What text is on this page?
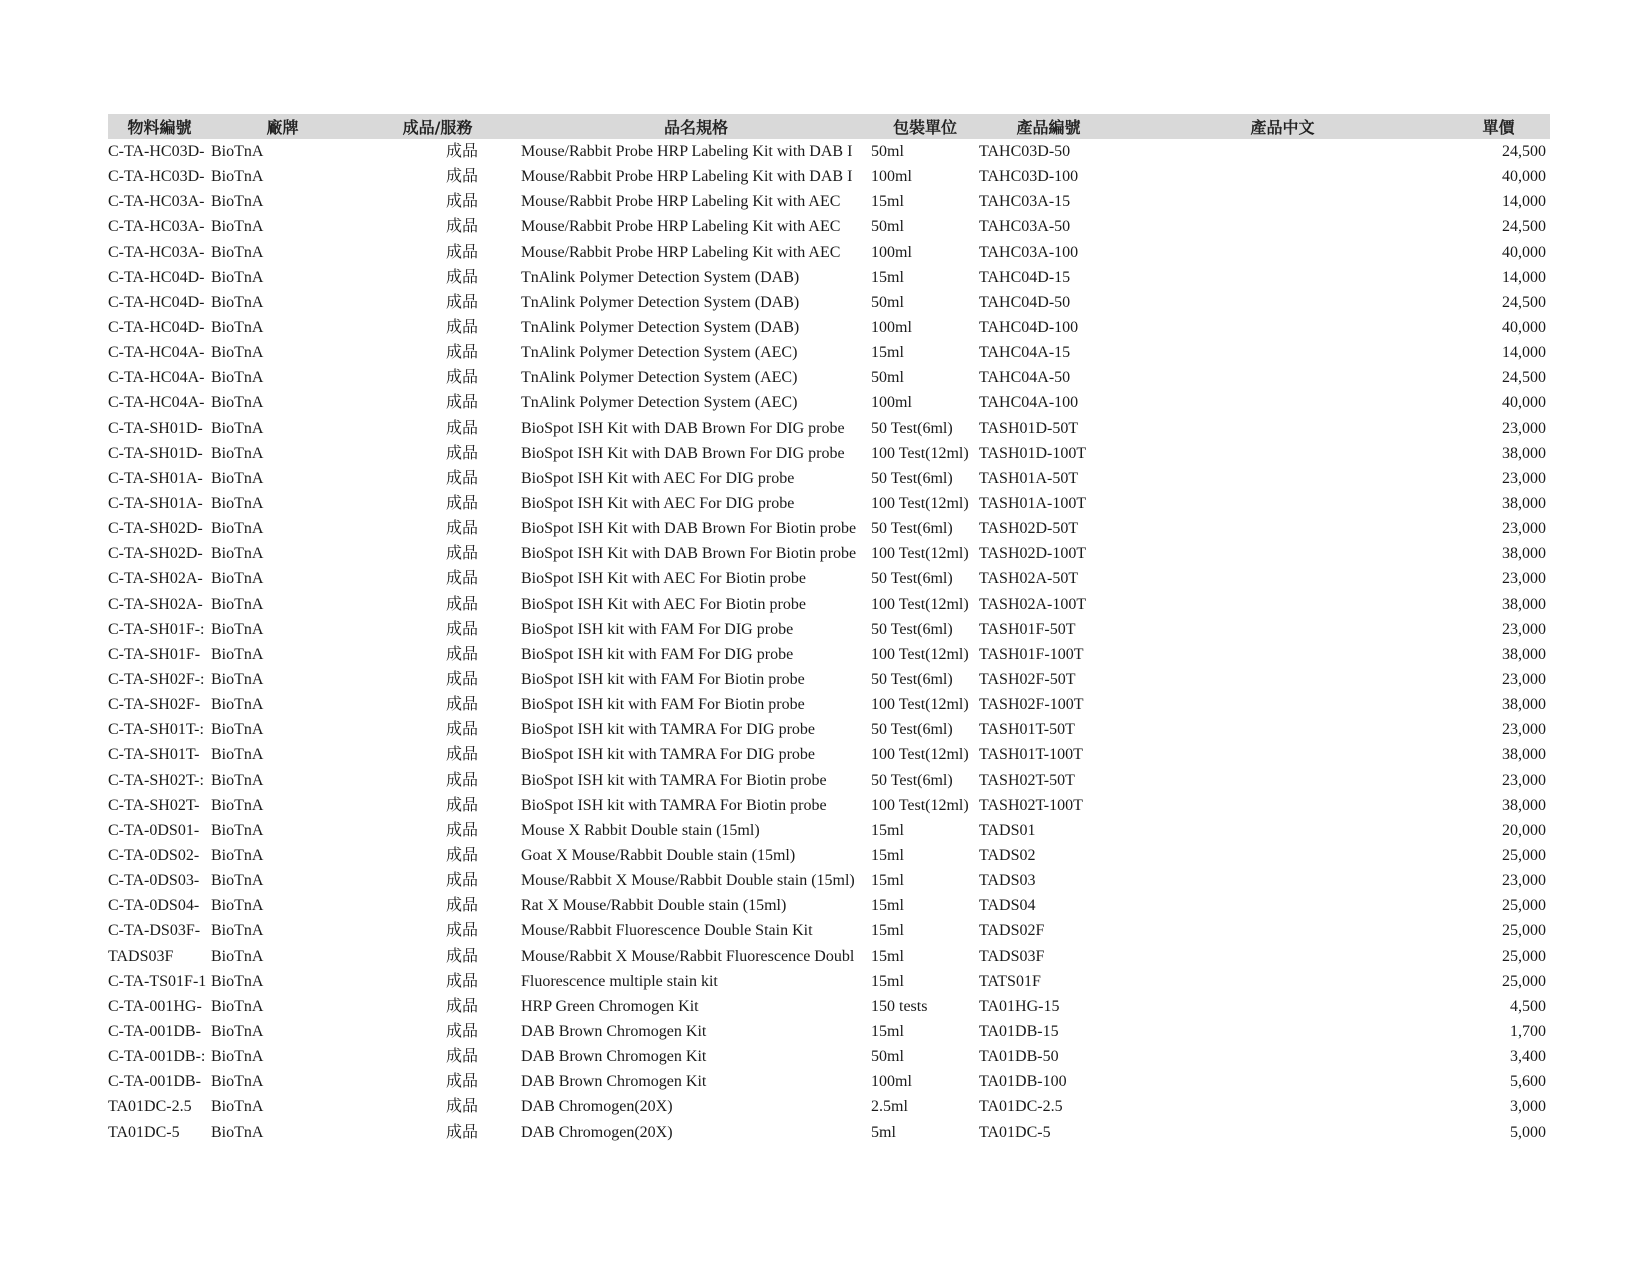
物料編號	廠牌	成品/服務	品名規格	包裝單位	產品編號	產品中文	單價
C-TA-HC03D-	BioTnA	成品	Mouse/Rabbit Probe HRP Labeling Kit with DAB I	50ml	TAHC03D-50		24,500
C-TA-HC03D-	BioTnA	成品	Mouse/Rabbit Probe HRP Labeling Kit with DAB I	100ml	TAHC03D-100		40,000
C-TA-HC03A-	BioTnA	成品	Mouse/Rabbit Probe HRP Labeling Kit with AEC	15ml	TAHC03A-15		14,000
C-TA-HC03A-	BioTnA	成品	Mouse/Rabbit Probe HRP Labeling Kit with AEC	50ml	TAHC03A-50		24,500
C-TA-HC03A-	BioTnA	成品	Mouse/Rabbit Probe HRP Labeling Kit with AEC	100ml	TAHC03A-100		40,000
C-TA-HC04D-	BioTnA	成品	TnAlink Polymer Detection System (DAB)	15ml	TAHC04D-15		14,000
C-TA-HC04D-	BioTnA	成品	TnAlink Polymer Detection System (DAB)	50ml	TAHC04D-50		24,500
C-TA-HC04D-	BioTnA	成品	TnAlink Polymer Detection System (DAB)	100ml	TAHC04D-100		40,000
C-TA-HC04A-	BioTnA	成品	TnAlink Polymer Detection System (AEC)	15ml	TAHC04A-15		14,000
C-TA-HC04A-	BioTnA	成品	TnAlink Polymer Detection System (AEC)	50ml	TAHC04A-50		24,500
C-TA-HC04A-	BioTnA	成品	TnAlink Polymer Detection System (AEC)	100ml	TAHC04A-100		40,000
C-TA-SH01D-	BioTnA	成品	BioSpot ISH Kit with DAB Brown For DIG probe	50 Test(6ml)	TASH01D-50T		23,000
C-TA-SH01D-	BioTnA	成品	BioSpot ISH Kit with DAB Brown For DIG probe	100 Test(12ml)	TASH01D-100T		38,000
C-TA-SH01A-	BioTnA	成品	BioSpot ISH Kit with AEC For DIG probe	50 Test(6ml)	TASH01A-50T		23,000
C-TA-SH01A-	BioTnA	成品	BioSpot ISH Kit with AEC For DIG probe	100 Test(12ml)	TASH01A-100T		38,000
C-TA-SH02D-	BioTnA	成品	BioSpot ISH Kit with DAB Brown For Biotin probe	50 Test(6ml)	TASH02D-50T		23,000
C-TA-SH02D-	BioTnA	成品	BioSpot ISH Kit with DAB Brown For Biotin probe	100 Test(12ml)	TASH02D-100T		38,000
C-TA-SH02A-	BioTnA	成品	BioSpot ISH Kit with AEC For Biotin probe	50 Test(6ml)	TASH02A-50T		23,000
C-TA-SH02A-	BioTnA	成品	BioSpot ISH Kit with AEC For Biotin probe	100 Test(12ml)	TASH02A-100T		38,000
C-TA-SH01F-:	BioTnA	成品	BioSpot ISH kit with FAM For DIG probe	50 Test(6ml)	TASH01F-50T		23,000
C-TA-SH01F-	BioTnA	成品	BioSpot ISH kit with FAM For DIG probe	100 Test(12ml)	TASH01F-100T		38,000
C-TA-SH02F-:	BioTnA	成品	BioSpot ISH kit with FAM For Biotin probe	50 Test(6ml)	TASH02F-50T		23,000
C-TA-SH02F-	BioTnA	成品	BioSpot ISH kit with FAM For Biotin probe	100 Test(12ml)	TASH02F-100T		38,000
C-TA-SH01T-:	BioTnA	成品	BioSpot ISH kit with TAMRA For DIG probe	50 Test(6ml)	TASH01T-50T		23,000
C-TA-SH01T-	BioTnA	成品	BioSpot ISH kit with TAMRA For DIG probe	100 Test(12ml)	TASH01T-100T		38,000
C-TA-SH02T-:	BioTnA	成品	BioSpot ISH kit with TAMRA For Biotin probe	50 Test(6ml)	TASH02T-50T		23,000
C-TA-SH02T-	BioTnA	成品	BioSpot ISH kit with TAMRA For Biotin probe	100 Test(12ml)	TASH02T-100T		38,000
C-TA-0DS01-	BioTnA	成品	Mouse X Rabbit Double stain (15ml)	15ml	TADS01		20,000
C-TA-0DS02-	BioTnA	成品	Goat X Mouse/Rabbit Double stain (15ml)	15ml	TADS02		25,000
C-TA-0DS03-	BioTnA	成品	Mouse/Rabbit X Mouse/Rabbit Double stain (15ml)	15ml	TADS03		23,000
C-TA-0DS04-	BioTnA	成品	Rat X Mouse/Rabbit Double stain (15ml)	15ml	TADS04		25,000
C-TA-DS03F-	BioTnA	成品	Mouse/Rabbit Fluorescence Double Stain Kit	15ml	TADS02F		25,000
TADS03F	BioTnA	成品	Mouse/Rabbit X Mouse/Rabbit Fluorescence Doubl	15ml	TADS03F		25,000
C-TA-TS01F-1	BioTnA	成品	Fluorescence multiple stain kit	15ml	TATS01F		25,000
C-TA-001HG-	BioTnA	成品	HRP Green Chromogen Kit	150 tests	TA01HG-15		4,500
C-TA-001DB-	BioTnA	成品	DAB Brown Chromogen Kit	15ml	TA01DB-15		1,700
C-TA-001DB-:	BioTnA	成品	DAB Brown Chromogen Kit	50ml	TA01DB-50		3,400
C-TA-001DB-	BioTnA	成品	DAB Brown Chromogen Kit	100ml	TA01DB-100		5,600
TA01DC-2.5	BioTnA	成品	DAB Chromogen(20X)	2.5ml	TA01DC-2.5		3,000
TA01DC-5	BioTnA	成品	DAB Chromogen(20X)	5ml	TA01DC-5		5,000
